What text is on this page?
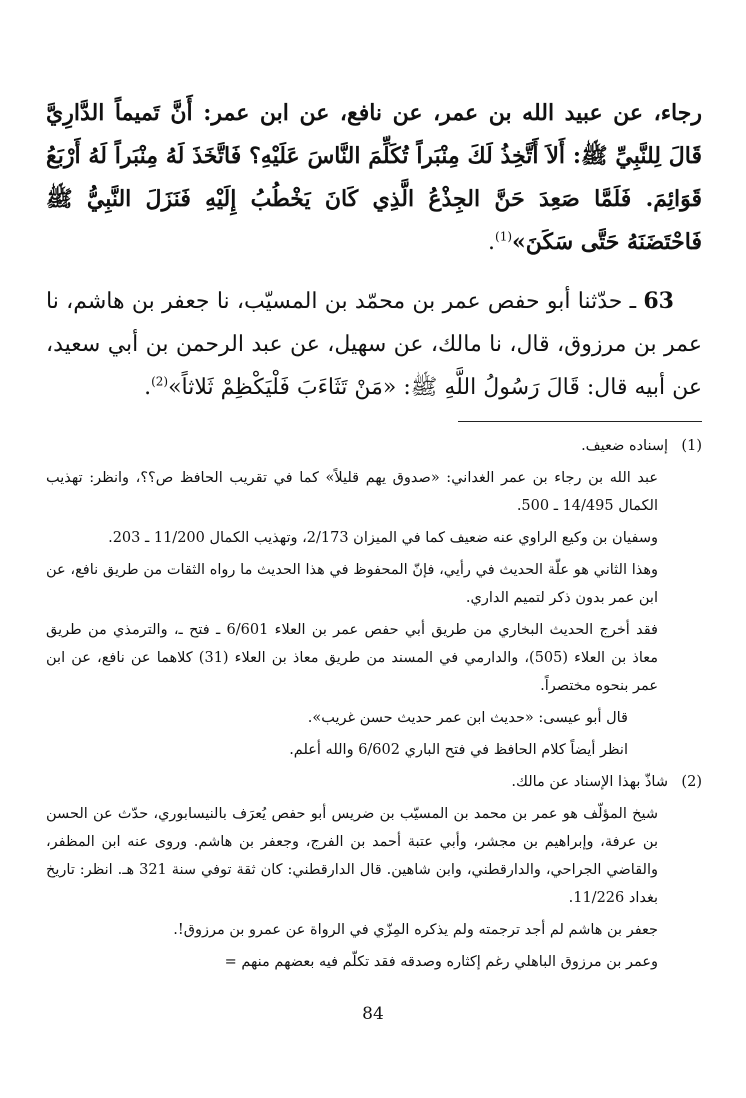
رجاء، عن عبيد الله بن عمر، عن نافع، عن ابن عمر: أَنَّ تَميماً الدَّارِيَّ قَالَ لِلنَّبِيِّ ﷺ: أَلاَ أَتَّخِذُ لَكَ مِنْبَراً تُكَلِّمَ النَّاسَ عَلَيْهِ؟ فَاتَّخَذَ لَهُ مِنْبَراً لَهُ أَرْبَعُ قَوَائِمَ. فَلَمَّا صَعِدَ حَنَّ الجِذْعُ الَّذِي كَانَ يَخْطُبُ إِلَيْهِ فَنَزَلَ النَّبِيُّ ﷺ فَاحْتَضَنَهُ حَتَّى سَكَنَ»$^{(1)}$.

63 ـ حدّثنا أبو حفص عمر بن محمّد بن المسيّب، نا جعفر بن هاشم، نا عمر بن مرزوق، قال، نا مالك، عن سهيل، عن عبد الرحمن بن أبي سعيد، عن أبيه قال: قَالَ رَسُولُ اللَّهِ ﷺ: «مَنْ تَثَاءَبَ فَلْيَكْظِمْ ثَلاثاً»$^{(2)}$.

(1)

إسناده ضعيف.

عبد الله بن رجاء بن عمر الغداني: «صدوق يهم قليلاً» كما في تقريب الحافظ ص؟؟، وانظر: تهذيب الكمال 14/495 ـ 500.

وسفيان بن وكيع الراوي عنه ضعيف كما في الميزان 2/173، وتهذيب الكمال 11/200 ـ 203.

وهذا الثاني هو علّة الحديث في رأيي، فإنّ المحفوظ في هذا الحديث ما رواه الثقات من طريق نافع، عن ابن عمر بدون ذكر لتميم الداري.

فقد أخرج الحديث البخاري من طريق أبي حفص عمر بن العلاء 6/601 ـ فتح ـ، والترمذي من طريق معاذ بن العلاء (505)، والدارمي في المسند من طريق معاذ بن العلاء (31) كلاهما عن نافع، عن ابن عمر بنحوه مختصراً.

قال أبو عيسى: «حديث ابن عمر حديث حسن غريب».

انظر أيضاً كلام الحافظ في فتح الباري 6/602 والله أعلم.

(2)

شاذّ بهذا الإسناد عن مالك.

شيخ المؤلّف هو عمر بن محمد بن المسيّب بن ضريس أبو حفص يُعرَف بالنيسابوري، حدّث عن الحسن بن عرفة، وإبراهيم بن مجشر، وأبي عتبة أحمد بن الفرج، وجعفر بن هاشم. وروى عنه ابن المظفر، والقاضي الجراحي، والدارقطني، وابن شاهين. قال الدارقطني: كان ثقة توفي سنة 321 هـ. انظر: تاريخ بغداد 11/226.

جعفر بن هاشم لم أجد ترجمته ولم يذكره المِزّي في الرواة عن عمرو بن مرزوق!.

وعمر بن مرزوق الباهلي رغم إكثاره وصدقه فقد تكلّم فيه بعضهم منهم =

84
